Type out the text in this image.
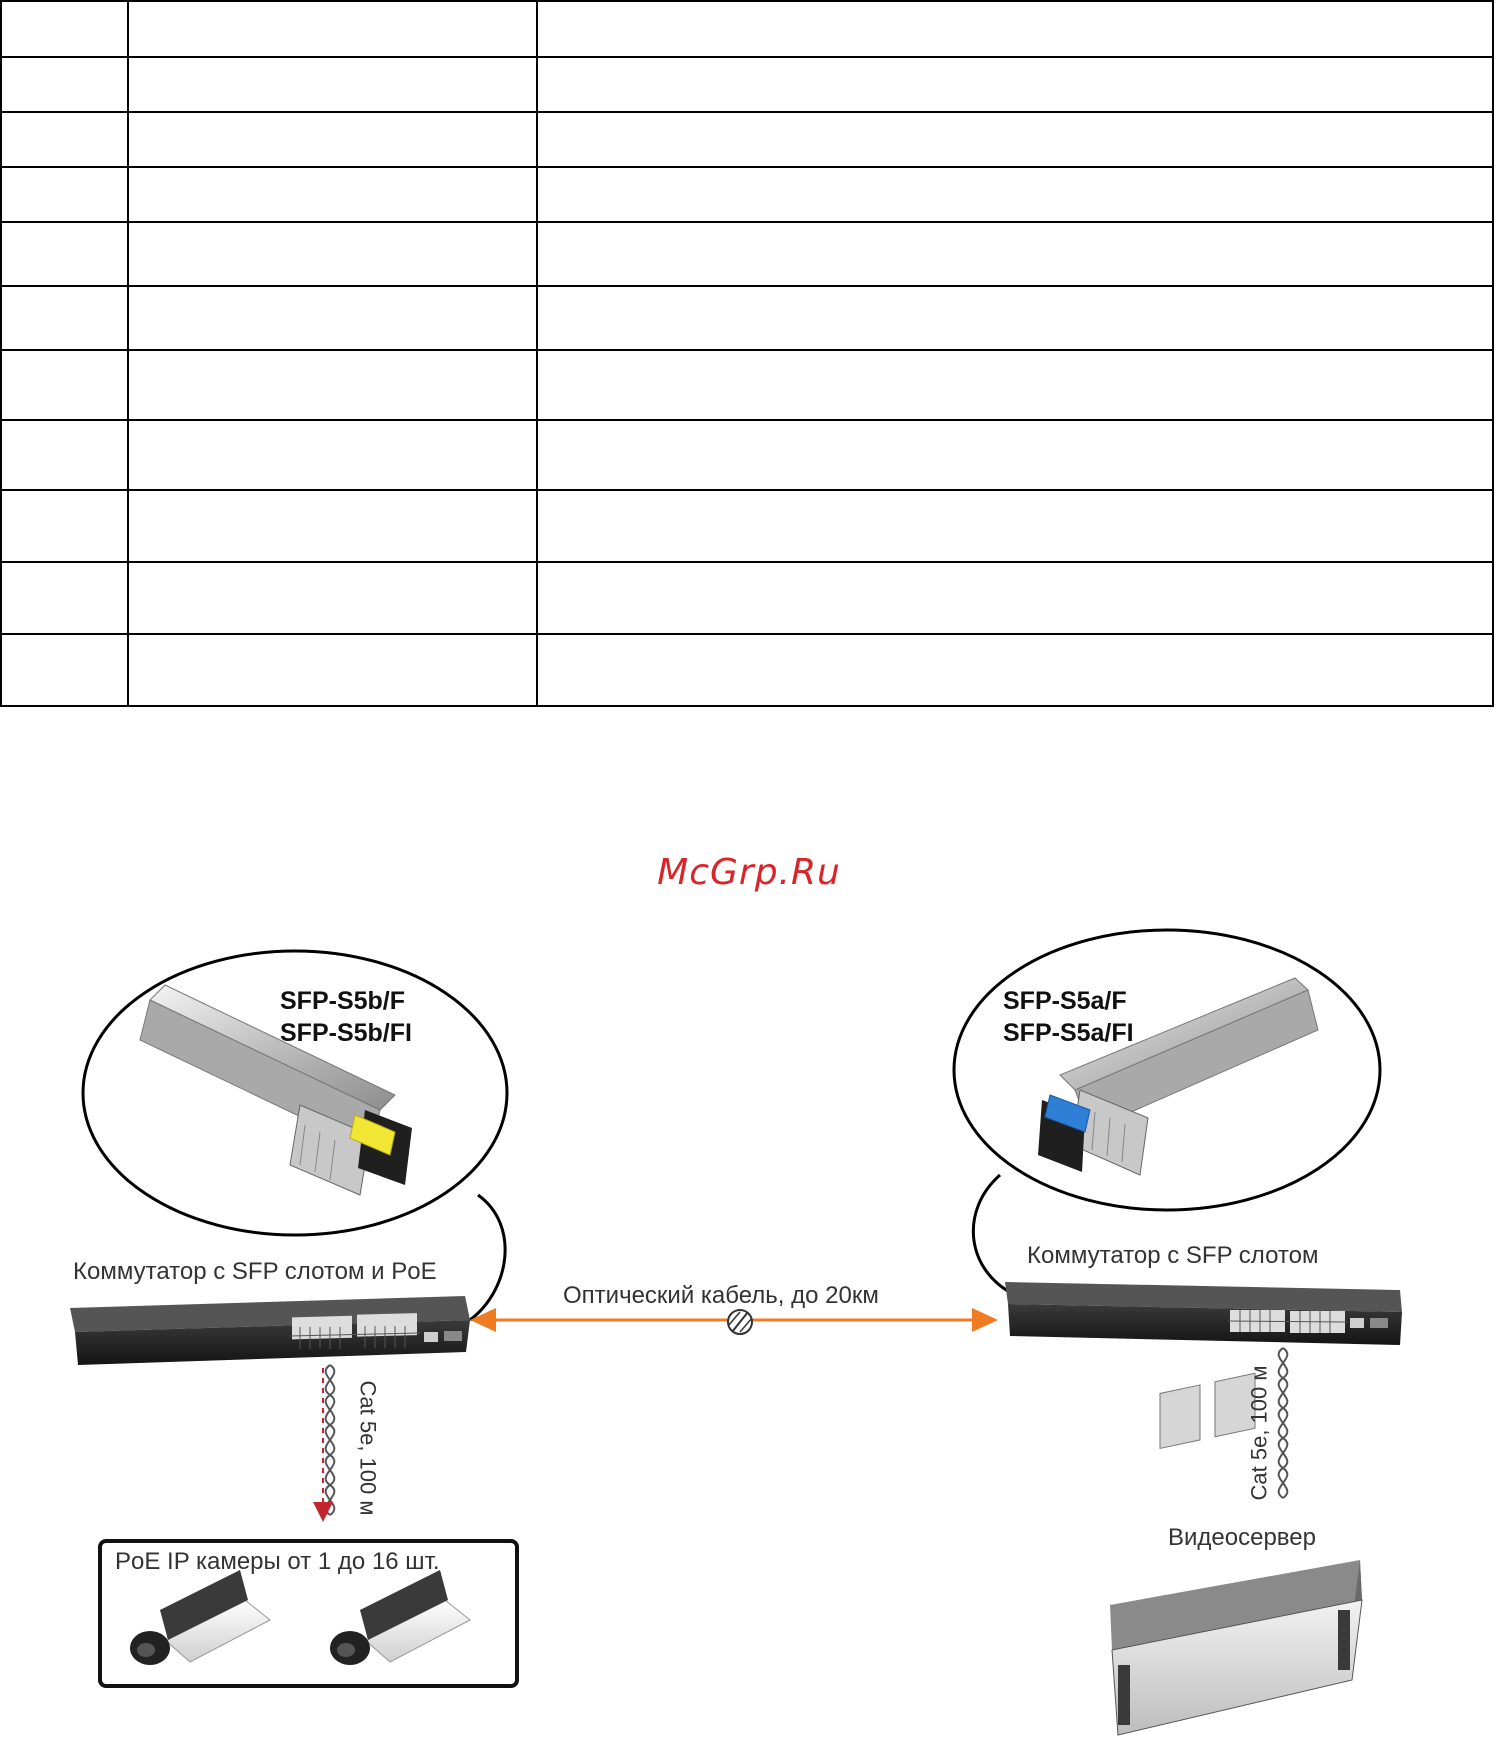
McGrp.Ru
SFP-S5b/F
SFP-S5b/FI
SFP-S5a/F
SFP-S5a/FI
Коммутатор с SFP слотом и PoE
Коммутатор с SFP слотом
Оптический кабель, до 20км
Cat 5e, 100 м	Cat 5e, 100 м
PoE IP камеры от 1 до 16 шт.
Видеосервер
